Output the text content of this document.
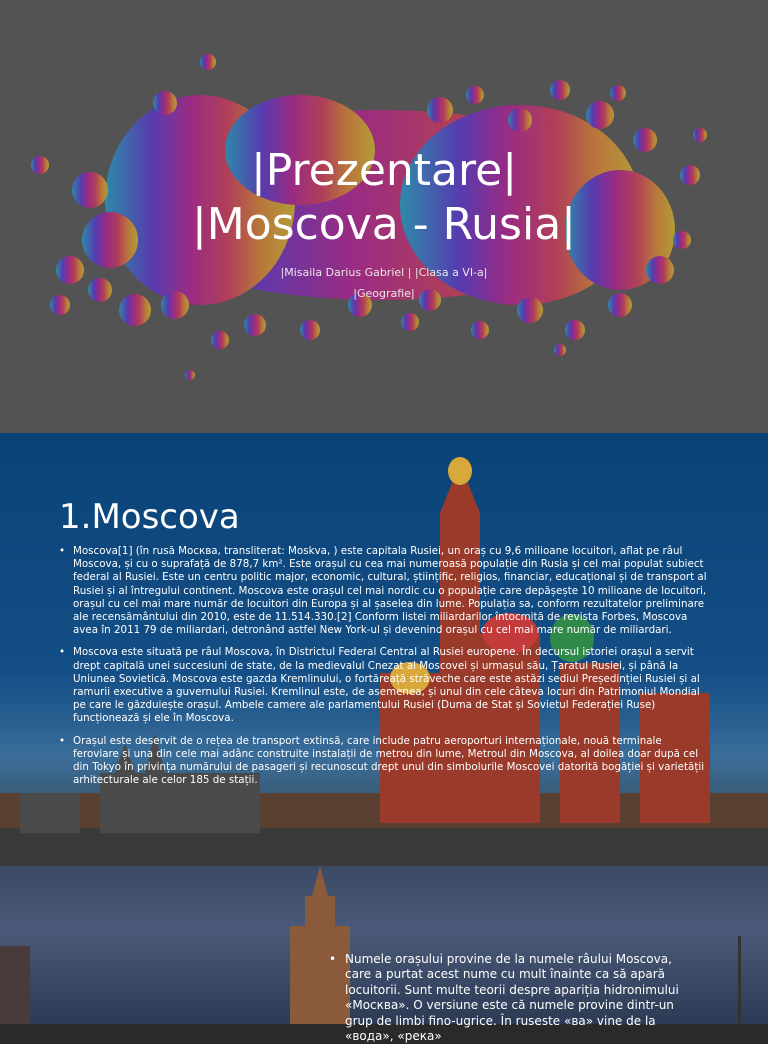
|Prezentare|
|Moscova - Rusia|
|Misaila Darius Gabriel | |Clasa a VI-a|
|Geografie|
1.Moscova
• Moscova[1] (în rusă Москва, transliterat: Moskva, ) este capitala Rusiei, un oraș cu 9,6 milioane locuitori, aflat pe râul Moscova, și cu o suprafață de 878,7 km². Este orașul cu cea mai numeroasă populație din Rusia și cel mai populat subiect federal al Rusiei. Este un centru politic major, economic, cultural, științific, religios, financiar, educațional și de transport al Rusiei și al întregului continent. Moscova este orașul cel mai nordic cu o populație care depășește 10 milioane de locuitori, orașul cu cel mai mare număr de locuitori din Europa și al șaselea din lume. Populația sa, conform rezultatelor preliminare ale recensământului din 2010, este de 11.514.330.[2] Conform listei miliardarilor întocmită de revista Forbes, Moscova avea în 2011 79 de miliardari, detronând astfel New York-ul și devenind orașul cu cel mai mare număr de miliardari.
• Moscova este situată pe râul Moscova, în Districtul Federal Central al Rusiei europene. În decursul istoriei orașul a servit drept capitală unei succesiuni de state, de la medievalul Cnezat al Moscovei și urmașul său, Țaratul Rusiei, și până la Uniunea Sovietică. Moscova este gazda Kremlinului, o fortăreață străveche care este astăzi sediul Președinției Rusiei și al ramurii executive a guvernului Rusiei. Kremlinul este, de asemenea, și unul din cele câteva locuri din Patrimoniul Mondial pe care le găzduiește orașul. Ambele camere ale parlamentului Rusiei (Duma de Stat și Sovietul Federației Ruse) funcționează și ele în Moscova.
• Orașul este deservit de o rețea de transport extinsă, care include patru aeroporturi internaționale, nouă terminale feroviare și una din cele mai adânc construite instalații de metrou din lume, Metroul din Moscova, al doilea doar după cel din Tokyo în privința numărului de pasageri și recunoscut drept unul din simbolurile Moscovei datorită bogăției și varietății arhitecturale ale celor 185 de stații.
• Numele orașului provine de la numele râului Moscova, care a purtat acest nume cu mult înainte ca să apară locuitorii. Sunt multe teorii despre apariția hidronimului «Москва». O versiune este că numele provine dintr-un grup de limbi fino-ugrice. În ruseste «ва» vine de la «вода», «река»
